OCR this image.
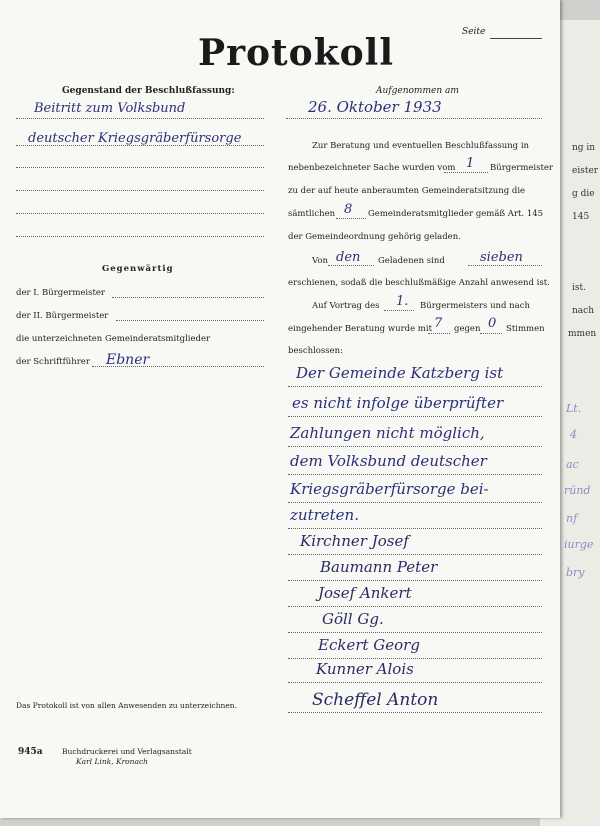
ng in
eister
g die
145
ist.
nach
mmen
Lt.
4
ac
ründ
nf
iurge
bry
Seite
Protokoll
Gegenstand der Beschlußfassung:
Beitritt zum Volksbund
deutscher Kriegsgräberfürsorge
Gegenwärtig
der I. Bürgermeister
der II. Bürgermeister
die unterzeichneten Gemeinderatsmitglieder
der Schriftführer Ebner
Das Protokoll ist von allen Anwesenden zu unterzeichnen.
945a	Buchdruckerei und Verlagsanstalt
Karl Link, Kronach
Aufgenommen am
26. Oktober 1933
Zur Beratung und eventuellen Beschlußfassung in
nebenbezeichneter Sache wurden vom 1 Bürgermeister
zu der auf heute anberaumten Gemeinderatsitzung die
sämtlichen 8 Gemeinderatsmitglieder gemäß Art. 145
der Gemeindeordnung gehörig geladen.
Von den Geladenen sind	sieben
erschienen, sodaß die beschlußmäßige Anzahl anwesend ist.
Auf Vortrag des 1. Bürgermeisters und nach
eingehender Beratung wurde mit 7 gegen 0 Stimmen
beschlossen:
Der Gemeinde Katzberg ist
es nicht infolge überprüfter
Zahlungen nicht möglich,
dem Volksbund deutscher
Kriegsgräberfürsorge bei-
zutreten.
Kirchner Josef
Baumann Peter
Josef Ankert
Göll Gg.
Eckert Georg
Kunner Alois
Scheffel Anton
